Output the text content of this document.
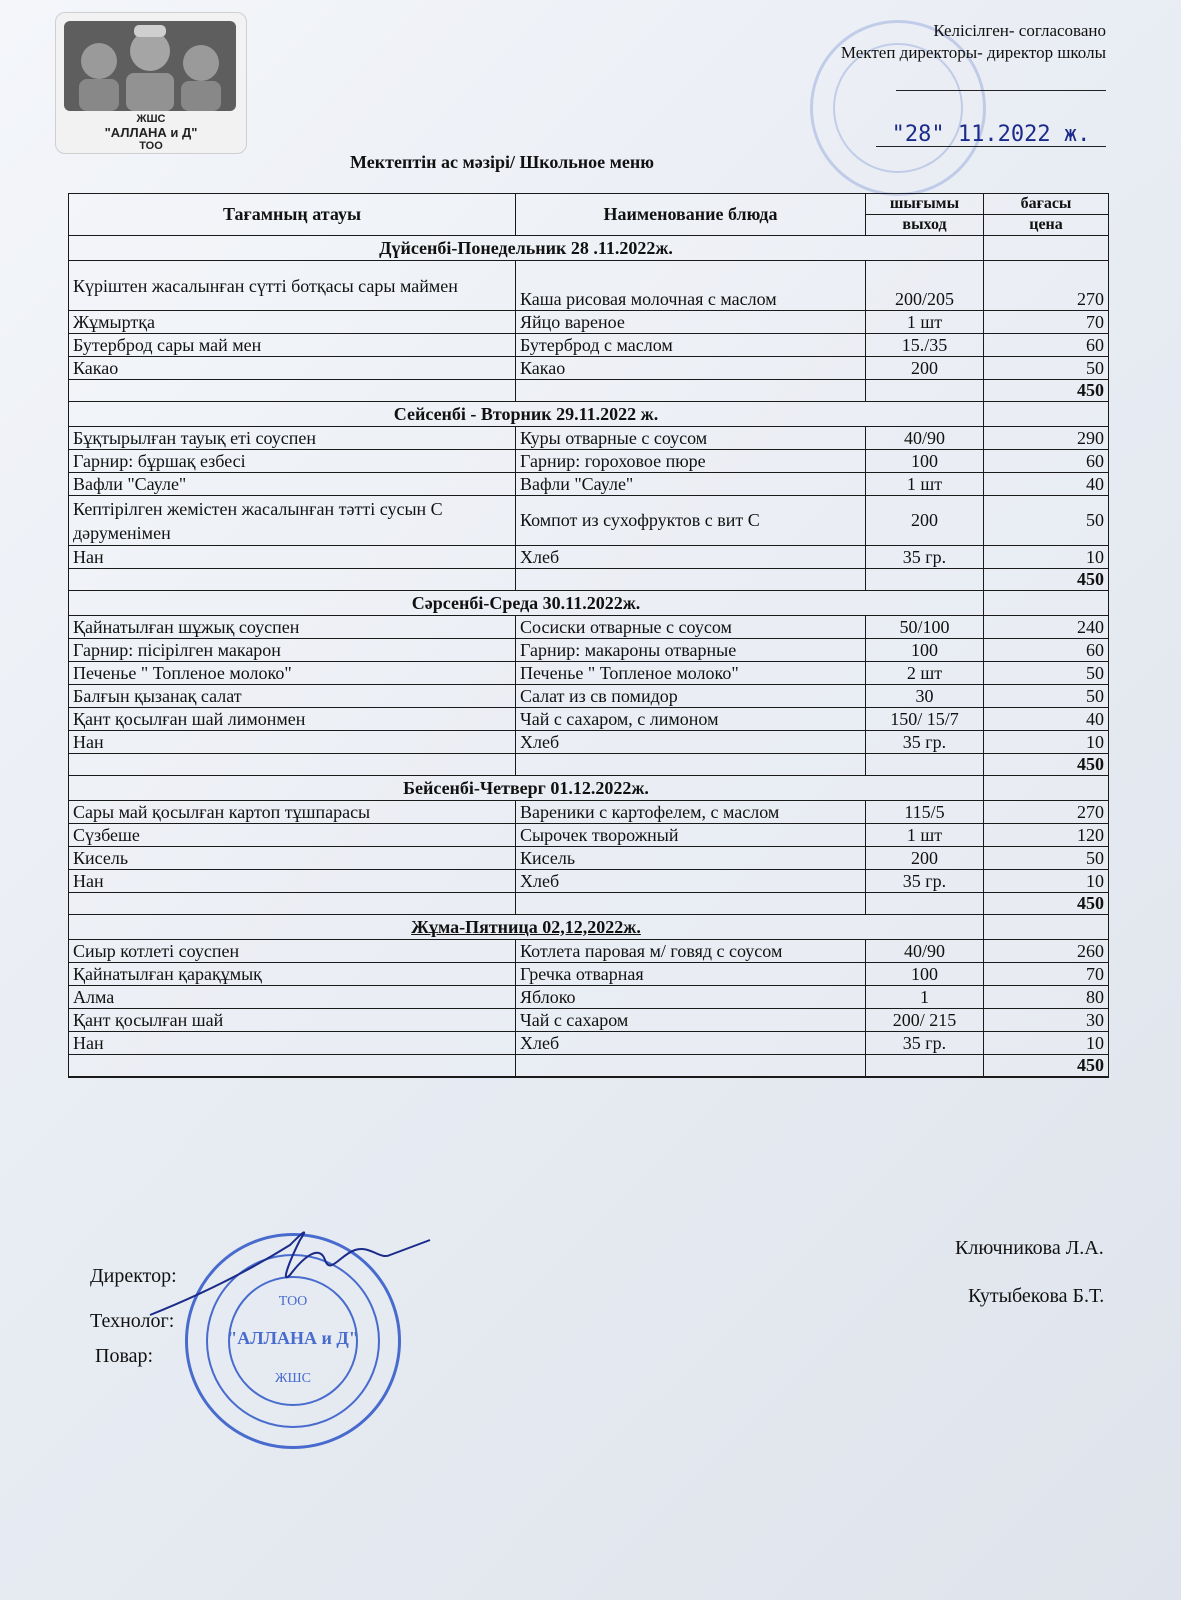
ЖШС
"АЛЛАНА и Д"
ТОО
Келісілген- согласовано
Мектеп директоры- директор школы
"28" 11.2022 ж.
Мектептін ас мәзірі/ Школьное меню
Тағамның атауы	Наименование блюда	шығымы	бағасы
		выход	цена
Дүйсенбі-Понедельник 28 .11.2022ж.			
Күріштен жасалынған сүтті ботқасы сары маймен	Каша рисовая молочная с маслом	200/205	270
Жұмыртқа	Яйцо вареное	1 шт	70
Бутерброд сары май мен	Бутерброд с маслом	15./35	60
Какао	Какао	200	50
			450
Сейсенбі - Вторник 29.11.2022 ж.			
Бұқтырылған тауық еті соуспен	Куры отварные с соусом	40/90	290
Гарнир: бұршақ езбесі	Гарнир: гороховое пюре	100	60
Вафли "Сауле"	Вафли "Сауле"	1 шт	40
Кептірілген жемістен жасалынған тәтті сусын С дәруменімен	Компот из сухофруктов с вит С	200	50
Нан	Хлеб	35 гр.	10
			450
Сәрсенбі-Среда 30.11.2022ж.			
Қайнатылған шұжық соуспен	Сосиски отварные с соусом	50/100	240
Гарнир: пісірілген макарон	Гарнир: макароны отварные	100	60
Печенье " Топленое молоко"	Печенье " Топленое молоко"	2 шт	50
Балғын қызанақ салат	Салат из св помидор	30	50
Қант қосылған шай лимонмен	Чай с сахаром, с лимоном	150/ 15/7	40
Нан	Хлеб	35 гр.	10
			450
Бейсенбі-Четверг 01.12.2022ж.			
Сары май қосылған картоп тұшпарасы	Вареники с картофелем, с маслом	115/5	270
Сүзбеше	Сырочек творожный	1 шт	120
Кисель	Кисель	200	50
Нан	Хлеб	35 гр.	10
			450
Жұма-Пятница 02,12,2022ж.			
Сиыр котлеті соуспен	Котлета паровая м/ говяд с соусом	40/90	260
Қайнатылған қарақұмық	Гречка отварная	100	70
Алма	Яблоко	1	80
Қант қосылған шай	Чай с сахаром	200/ 215	30
Нан	Хлеб	35 гр.	10
			450

Директор:
Технолог:
Повар:
Ключникова Л.А.
Кутыбекова Б.Т.
ТОО
"АЛЛАНА и Д"
ЖШС
